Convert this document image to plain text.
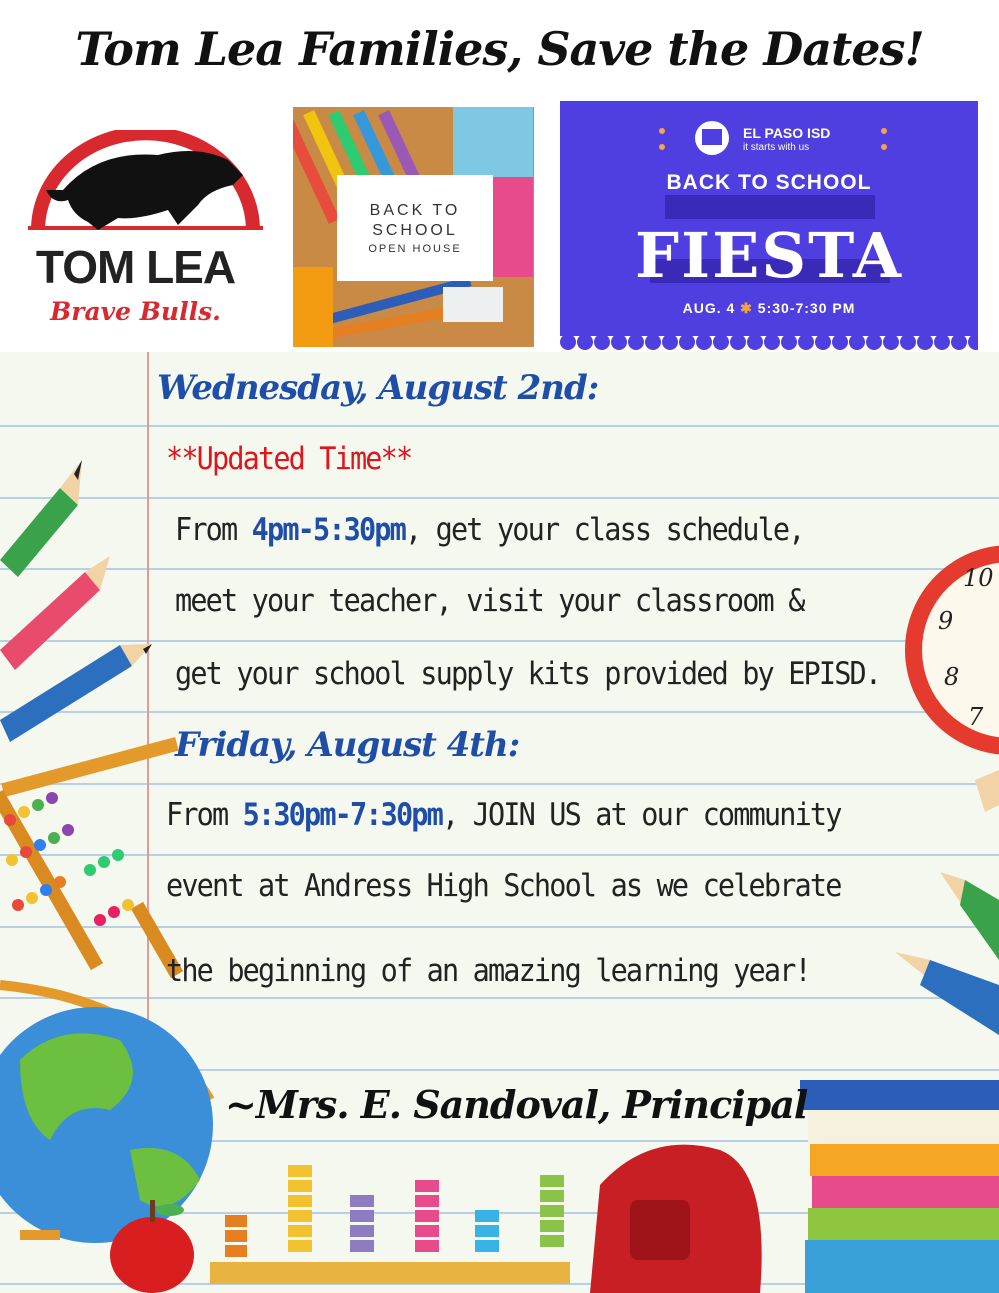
10
9
8
7
Tom Lea Families, Save the Dates!
TOM LEA
Brave Bulls.
BACK TO
SCHOOL
OPEN HOUSE
EL PASO ISD
it starts with us
BACK TO SCHOOL
FIESTA
AUG. 4 ✱ 5:30-7:30 PM
Wednesday, August 2nd:
**Updated Time**
From 4pm-5:30pm, get your class schedule,
meet your teacher, visit your classroom &
get your school supply kits provided by EPISD.
Friday, August 4th:
From 5:30pm-7:30pm, JOIN US at our community
event at Andress High School as we celebrate
the beginning of an amazing learning year!
~Mrs. E. Sandoval, Principal
